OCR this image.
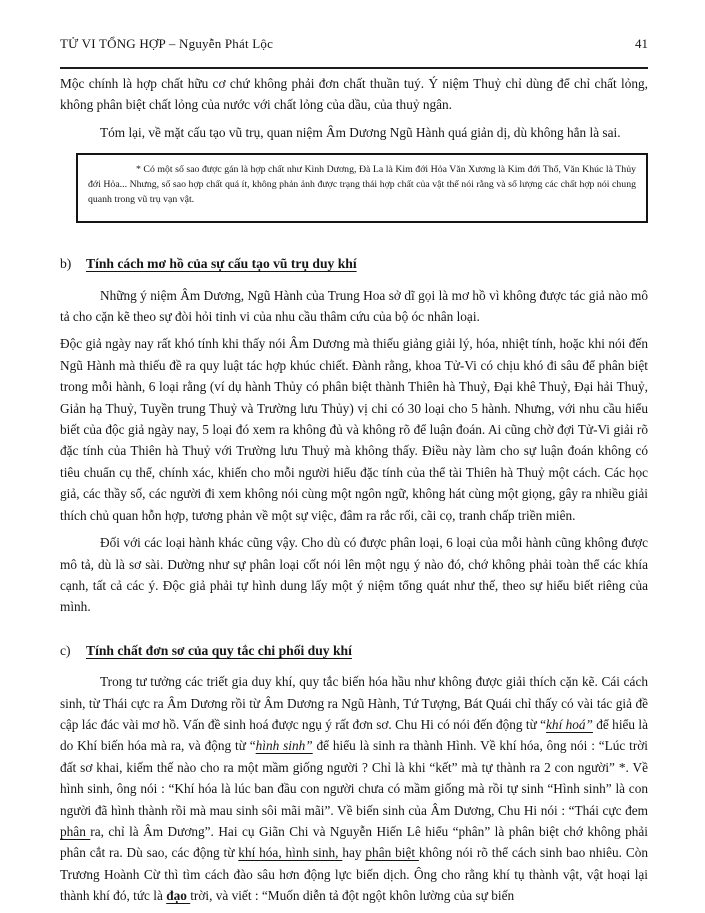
TỬ VI TỔNG HỢP – Nguyễn Phát Lộc	41

Mộc chính là hợp chất hữu cơ chứ không phải đơn chất thuần tuý. Ý niệm Thuỷ chỉ dùng để chỉ chất lỏng, không phân biệt chất lỏng của nước với chất lỏng của dầu, của thuỷ ngân.

Tóm lại, về mặt cấu tạo vũ trụ, quan niệm Âm Dương Ngũ Hành quá giản dị, dù không hẳn là sai.

* Có một số sao được gán là hợp chất như Kình Dương, Đà La là Kim đới Hỏa Văn Xương là Kim đới Thổ, Văn Khúc là Thủy đới Hỏa... Nhưng, số sao hợp chất quá ít, không phản ảnh được trạng thái hợp chất của vật thể nói rằng và số lượng các chất hợp nói chung quanh trong vũ trụ vạn vật.

b) Tính cách mơ hồ của sự cấu tạo vũ trụ duy khí

Những ý niệm Âm Dương, Ngũ Hành của Trung Hoa sở dĩ gọi là mơ hồ vì không được tác giả nào mô tả cho cặn kẽ theo sự đòi hỏi tinh vi của nhu cầu thâm cứu của bộ óc nhân loại.

Độc giả ngày nay rất khó tính khi thấy nói Âm Dương mà thiếu giảng giải lý, hóa, nhiệt tính, hoặc khi nói đến Ngũ Hành mà thiếu đề ra quy luật tác hợp khúc chiết. Đành rằng, khoa Tử-Vi có chịu khó đi sâu để phân biệt trong mỗi hành, 6 loại rằng (ví dụ hành Thủy có phân biệt thành Thiên hà Thuỷ, Đại khê Thuỷ, Đại hải Thuỷ, Giản hạ Thuỷ, Tuyền trung Thuỷ và Trường lưu Thủy) vị chi có 30 loại cho 5 hành. Nhưng, với nhu cầu hiểu biết của độc giả ngày nay, 5 loại đó xem ra không đủ và không rõ để luận đoán. Ai cũng chờ đợi Tử-Vi giải rõ đặc tính của Thiên hà Thuỷ với Trường lưu Thuỷ mà không thấy. Điều này làm cho sự luận đoán không có tiêu chuẩn cụ thể, chính xác, khiến cho mỗi người hiểu đặc tính của thể tài Thiên hà Thuỷ một cách. Các học giả, các thầy số, các người đi xem không nói cùng một ngôn ngữ, không hát cùng một giọng, gây ra nhiều giải thích chủ quan hỗn hợp, tương phản về một sự việc, đâm ra rắc rối, cãi cọ, tranh chấp triền miên.

Đối với các loại hành khác cũng vậy. Cho dù có được phân loại, 6 loại của mỗi hành cũng không được mô tả, dù là sơ sài. Dường như sự phân loại cốt nói lên một ngụ ý nào đó, chớ không phải toàn thể các khía cạnh, tất cả các ý. Độc giả phải tự hình dung lấy một ý niệm tổng quát như thế, theo sự hiểu biết riêng của mình.

c) Tính chất đơn sơ của quy tắc chi phối duy khí

Trong tư tưởng các triết gia duy khí, quy tắc biến hóa hầu như không được giải thích cặn kẽ. Cái cách sinh, từ Thái cực ra Âm Dương rồi từ Âm Dương ra Ngũ Hành, Tứ Tượng, Bát Quái chỉ thấy có vài tác giả đề cập lác đác vài mơ hồ. Vấn đề sinh hoá được ngụ ý rất đơn sơ. Chu Hi có nói đến động từ “khí hoá” để hiểu là do Khí biến hóa mà ra, và động từ “hình sinh” để hiểu là sinh ra thành Hình. Về khí hóa, ông nói : “Lúc trời đất sơ khai, kiếm thế nào cho ra một mầm giống người ? Chỉ là khi “kết” mà tự thành ra 2 con người” *. Về hình sinh, ông nói : “Khí hóa là lúc ban đầu con người chưa có mầm giống mà rồi tự sinh “Hình sinh” là con người đã hình thành rồi mà mau sinh sôi mãi mãi”. Về biến sinh của Âm Dương, Chu Hi nói : “Thái cực đem phân ra, chỉ là Âm Dương”. Hai cụ Giãn Chi và Nguyễn Hiến Lê hiểu “phân” là phân biệt chớ không phải phân cắt ra. Dù sao, các động từ khí hóa, hình sinh, hay phân biệt không nói rõ thể cách sinh bao nhiêu. Còn Trương Hoành Cừ thì tìm cách đào sâu hơn động lực biến dịch. Ông cho rằng khí tụ thành vật, vật hoại lại thành khí đó, tức là đạo trời, và viết : “Muốn diễn tả đột ngột khôn lường của sự biến
